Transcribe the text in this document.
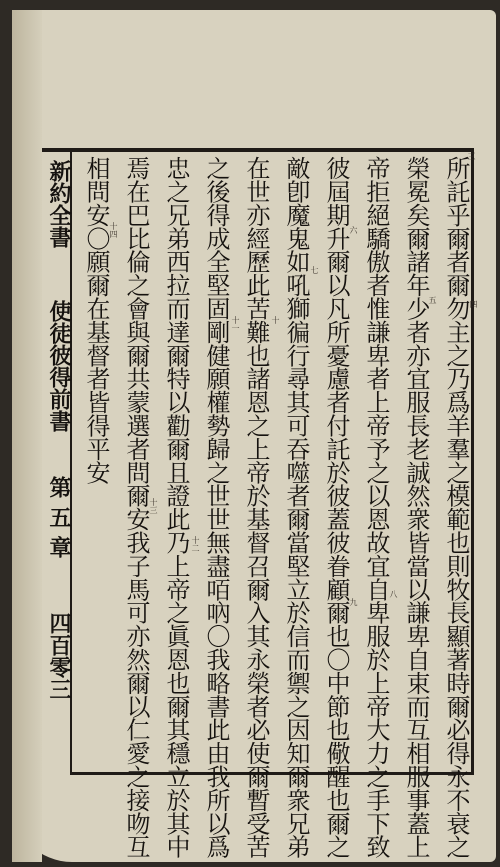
新約全書
使徒彼得前書
第五章
四百零三	所託乎爾者爾勿主之乃爲羊羣之模範也則牧長顯著時爾必得永不衰之
榮冕矣爾諸年少者亦宜服長老誠然衆皆當以謙卑自束而互相服事蓋上
帝拒絕驕傲者惟謙卑者上帝予之以恩故宜自卑服於上帝大力之手下致
彼屆期升爾以凡所憂慮者付託於彼蓋彼眷顧爾也〇中節也儆醒也爾之
敵卽魔鬼如吼獅徧行尋其可吞噬者爾當堅立於信而禦之因知爾衆兄弟
在世亦經歷此苦難也諸恩之上帝於基督召爾入其永榮者必使爾暫受苦
之後得成全堅固剛健願權勢歸之世世無盡咟吶〇我略書此由我所以爲
忠之兄弟西拉而達爾特以勸爾且證此乃上帝之眞恩也爾其穩立於其中
焉在巴比倫之會與爾共蒙選者問爾安我子馬可亦然爾以仁愛之接吻互
相問安〇願爾在基督者皆得平安	三
四
五
六
七
八
九
十
十一
十二
十三
十四
